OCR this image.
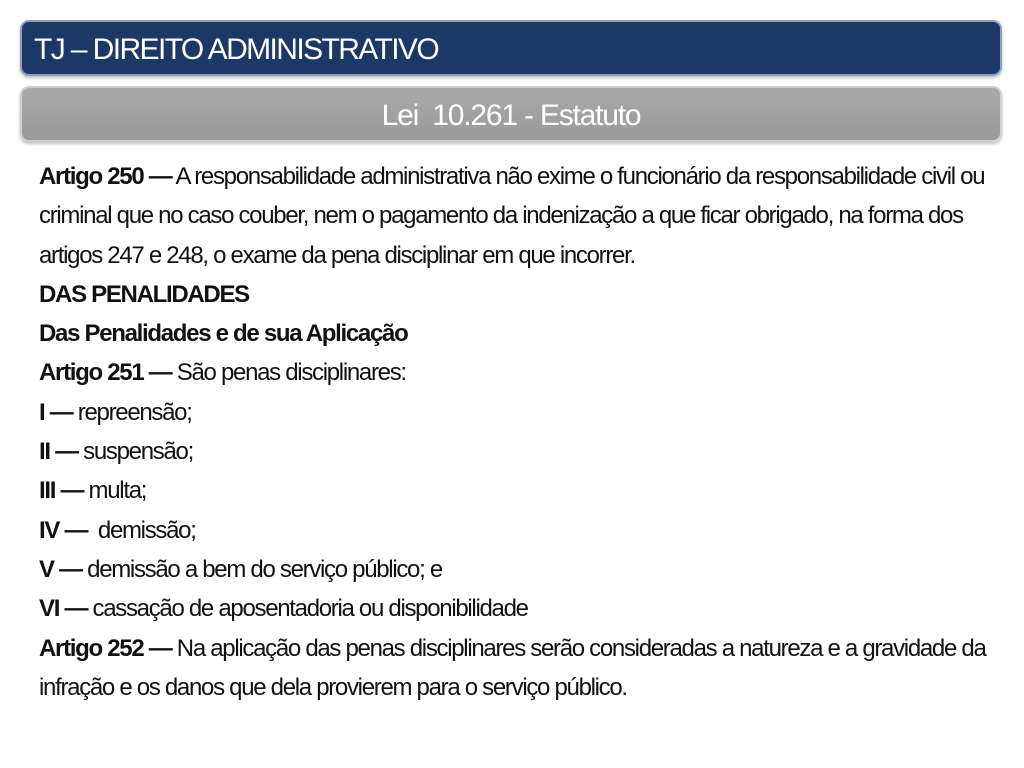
TJ – DIREITO ADMINISTRATIVO
Lei  10.261 - Estatuto

Artigo 250 — A responsabilidade administrativa não exime o funcionário da responsabilidade civil ou criminal que no caso couber, nem o pagamento da indenização a que ficar obrigado, na forma dos artigos 247 e 248, o exame da pena disciplinar em que incorrer.

DAS PENALIDADES

Das Penalidades e de sua Aplicação

Artigo 251 — São penas disciplinares:

I — repreensão;

II — suspensão;

III — multa;

IV —  demissão;

V — demissão a bem do serviço público; e

VI — cassação de aposentadoria ou disponibilidade

Artigo 252 — Na aplicação das penas disciplinares serão consideradas a natureza e a gravidade da infração e os danos que dela provierem para o serviço público.
